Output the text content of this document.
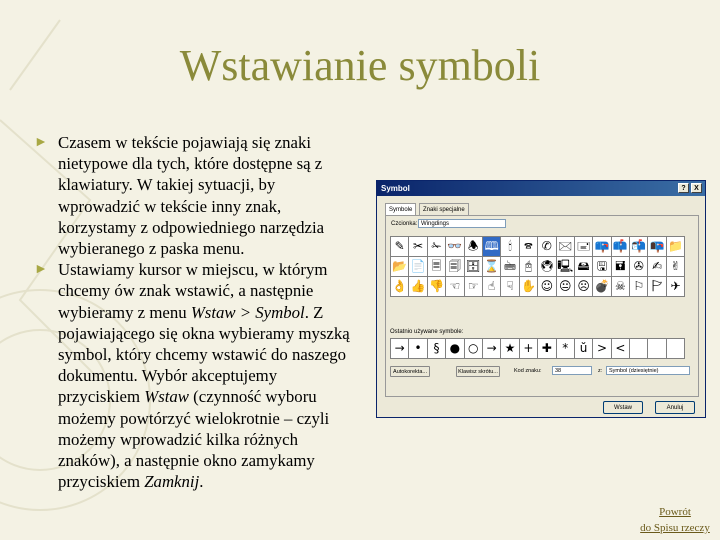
Wstawianie symboli

► Czasem w tekście pojawiają się znaki nietypowe dla tych, które dostępne są z klawiatury. W takiej sytuacji, by wprowadzić w tekście inny znak, korzystamy z odpowiedniego narzędzia wybieranego z paska menu.

► Ustawiamy kursor w miejscu, w którym chcemy ów znak wstawić, a następnie wybieramy z menu Wstaw > Symbol. Z pojawiającego się okna wybieramy myszką symbol, który chcemy wstawić do naszego dokumentu. Wybór akceptujemy przyciskiem Wstaw (czynność wyboru możemy powtórzyć wielokrotnie – czyli możemy wprowadzić kilka różnych znaków), a następnie okno zamykamy przyciskiem Zamknij.

Symbol	?	X
Symbole	Znaki specjalne
Czcionka: Wingdings
✎ ✂ ✁ 👓 🕭 🕮 🕯	🕿 ✆ 🖂 🖃 📪 📫 📬 📭 📁
📂 📄 🗏 🗐 🗄 ⌛ 🖮 🖰 🖲 🖳 🖴 🖫 🖬 ✇ ✍ ✌
👌 👍 👎 ☜ ☞ ☝ ☟ ✋ ☺ 😐 ☹ 💣 ☠ ⚐ 🏱 ✈
Ostatnio używane symbole:
→ • § ● ○ → ★ + ✚ * ŭ > <
Autokorekta...	Klawisz skrótu...	Kod znaku:	38	z:	Symbol (dziesiętnie)
Wstaw	Anuluj
Powrót
do Spisu rzeczy
